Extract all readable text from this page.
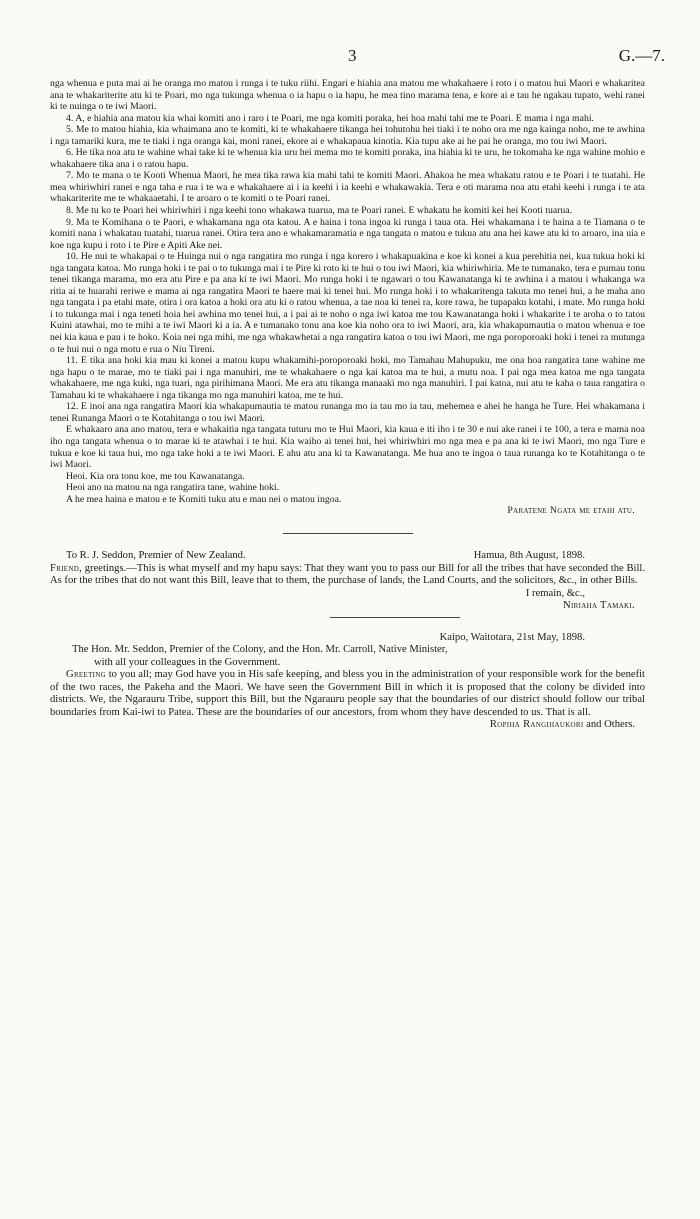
3	G.—7.

nga whenua e puta mai ai he oranga mo matou i runga i te tuku riihi. Engari e hiahia ana matou me whakahaere i roto i o matou hui Maori e whakaritea ana te whakariterite atu ki te Poari, mo nga tukunga whenua o ia hapu o ia hapu, he mea tino marama tena, e kore ai e tau he ngakau tupato, wehi ranei ki te nuinga o te iwi Maori.

4. A, e hiahia ana matou kia whai komiti ano i raro i te Poari, me nga komiti poraka, hei hoa mahi tahi me te Poari. E mama i nga mahi.

5. Me to matou hiahia, kia whaimana ano te komiti, ki te whakahaere tikanga hei tohutohu hei tiaki i te noho ora me nga kainga noho, me te awhina i nga tamariki kura, me te tiaki i nga oranga kai, moni ranei, ekore ai e whakapaua kinotia. Kia tupu ake ai he pai he oranga, mo tou iwi Maori.

6. He tika noa atu te wahine whai take ki te whenua kia uru hei mema mo te komiti poraka, ina hiahia ki te uru, he tokomaha ke nga wahine mohio e whakahaere tika ana i o ratou hapu.

7. Mo te mana o te Kooti Whenua Maori, he mea tika rawa kia mahi tahi te komiti Maori. Ahakoa he mea whakatu ratou e te Poari i te tuatahi. He mea whiriwhiri ranei e nga taha e rua i te wa e whakahaere ai i ia keehi i ia keehi e whakawakia. Tera e oti marama noa atu etahi keehi i runga i te ata whakariterite me te whakaaetahi. I te aroaro o te komiti o te Poari ranei.

8. Me tu ko te Poari hei whiriwhiri i nga keehi tono whakawa tuarua, ma te Poari ranei. E whakatu he komiti kei hei Kooti tuarua.

9. Ma te Komihana o te Paori, e whakamana nga ota katou. A e haina i tona ingoa ki runga i taua ota. Hei whakamana i te haina a te Tiamana o te komiti nana i whakatau tuatahi, tuarua ranei. Otira tera ano e whakamaramatia e nga tangata o matou e tukua atu ana hei kawe atu ki to aroaro, ina uia e koe nga kupu i roto i te Pire e Apiti Ake nei.

10. He nui te whakapai o te Huinga nui o nga rangatira mo runga i nga korero i whakapuakina e koe ki konei a kua perehitia nei, kua tukua hoki ki nga tangata katoa. Mo runga hoki i te pai o to tukunga mai i te Pire ki roto ki te hui o tou iwi Maori, kia whiriwhiria. Me te tumanako, tera e pumau tonu tenei tikanga marama, mo era atu Pire e pa ana ki te iwi Maori. Mo runga hoki i te ngawari o tou Kawanatanga ki te awhina i a matou i whakanga wa ritia ai te huarahi reriwe e mama ai nga rangatira Maori te haere mai ki tenei hui. Mo runga hoki i to whakaritenga takuta mo tenei hui, a he maha ano nga tangata i pa etahi mate, otira i ora katoa a hoki ora atu ki o ratou whenua, a tae noa ki tenei ra, kore rawa, he tupapaku kotahi, i mate. Mo runga hoki i to tukunga mai i nga teneti hoia hei awhina mo tenei hui, a i pai ai te noho o nga iwi katoa me tou Kawanatanga hoki i whakarite i te aroha o to tatou Kuini atawhai, mo te mihi a te iwi Maori ki a ia. A e tumanako tonu ana koe kia noho ora to iwi Maori, ara, kia whakapumautia o matou whenua e toe nei kia kaua e pau i te hoko. Koia nei nga mihi, me nga whakawhetai a nga rangatira katoa o tou iwi Maori, me nga poroporoaki hoki i tenei ra mutunga o te hui nui o nga motu e rua o Niu Tireni.

11. E tika ana hoki kia mau ki konei a matou kupu whakamihi-poroporoaki hoki, mo Tamahau Mahupuku, me ona hoa rangatira tane wahine me nga hapu o te marae, mo te tiaki pai i nga manuhiri, me te whakahaere o nga kai katoa ma te hui, a mutu noa. I pai nga mea katoa me nga tangata whakahaere, me nga kuki, nga tuari, nga pirihimana Maori. Me era atu tikanga manaaki mo nga manuhiri. I pai katoa, nui atu te kaha o taua rangatira o Tamahau ki te whakahaere i nga tikanga mo nga manuhiri katoa, me te hui.

12. E inoi ana nga rangatira Maori kia whakapumautia te matou runanga mo ia tau mo ia tau, mehemea e ahei he hanga he Ture. Hei whakamana i tenei Runanga Maori o te Kotahitanga o tou iwi Maori.

E whakaaro ana ano matou, tera e whakaitia nga tangata tuturu mo te Hui Maori, kia kaua e iti iho i te 30 e nui ake ranei i te 100, a tera e mama noa iho nga tangata whenua o to marae ki te atawhai i te hui. Kia waiho ai tenei hui, hei whiriwhiri mo nga mea e pa ana ki te iwi Maori, mo nga Ture e tukua e koe ki taua hui, mo nga take hoki a te iwi Maori. E ahu atu ana ki ta Kawanatanga. Me hua ano te ingoa o taua runanga ko te Kotahitanga o te iwi Maori.

Heoi. Kia ora tonu koe, me tou Kawanatanga.

Heoi ano na matou na nga rangatira tane, wahine hoki.

A he mea haina e matou e te Komiti tuku atu e mau nei o matou ingoa.

Paratene Ngata me etahi atu.

To R. J. Seddon, Premier of New Zealand.	Hamua, 8th August, 1898.

Friend, greetings.—This is what myself and my hapu says: That they want you to pass our Bill for all the tribes that have seconded the Bill. As for the tribes that do not want this Bill, leave that to them, the purchase of lands, the Land Courts, and the solicitors, &c., in other Bills.

I remain, &c.,

Niriaha Tamaki.

Kaipo, Waitotara, 21st May, 1898.

The Hon. Mr. Seddon, Premier of the Colony, and the Hon. Mr. Carroll, Native Minister,

with all your colleagues in the Government.

Greeting to you all; may God have you in His safe keeping, and bless you in the administration of your responsible work for the benefit of the two races, the Pakeha and the Maori. We have seen the Government Bill in which it is proposed that the colony be divided into districts. We, the Ngarauru Tribe, support this Bill, but the Ngarauru people say that the boundaries of our district should follow our tribal boundaries from Kai-iwi to Patea. These are the boundaries of our ancestors, from whom they have descended to us. That is all.

Ropiha Rangihaukori and Others.
